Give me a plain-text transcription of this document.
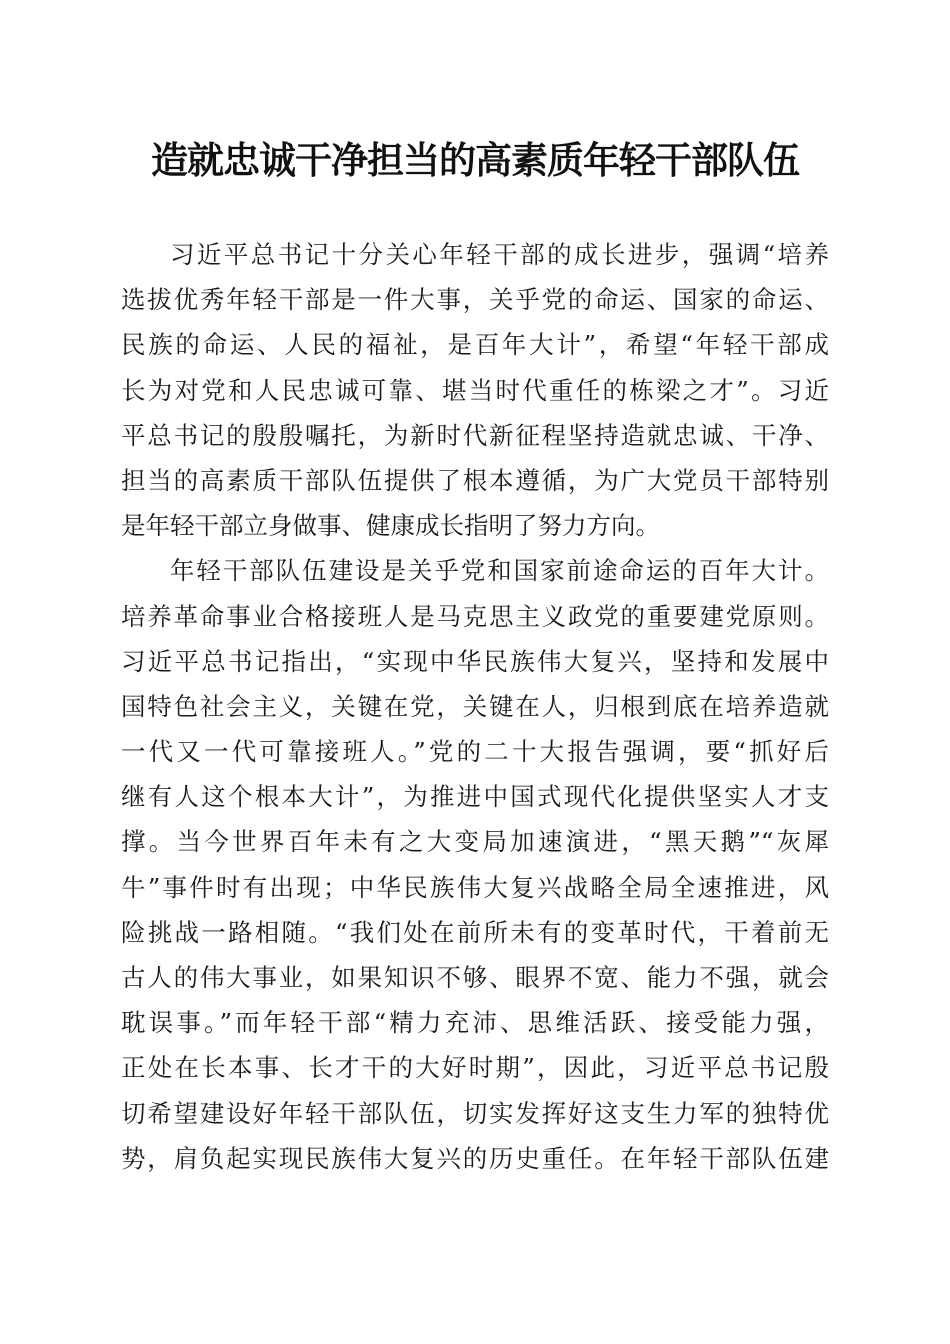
造就忠诚干净担当的高素质年轻干部队伍
习近平总书记十分关心年轻干部的成长进步，强调“培养
选拔优秀年轻干部是一件大事，关乎党的命运、国家的命运、
民族的命运、人民的福祉，是百年大计”，希望“年轻干部成
长为对党和人民忠诚可靠、堪当时代重任的栋梁之才”。习近
平总书记的殷殷嘱托，为新时代新征程坚持造就忠诚、干净、
担当的高素质干部队伍提供了根本遵循，为广大党员干部特别
是年轻干部立身做事、健康成长指明了努力方向。
年轻干部队伍建设是关乎党和国家前途命运的百年大计。
培养革命事业合格接班人是马克思主义政党的重要建党原则。
习近平总书记指出，“实现中华民族伟大复兴，坚持和发展中
国特色社会主义，关键在党，关键在人，归根到底在培养造就
一代又一代可靠接班人。”党的二十大报告强调，要“抓好后
继有人这个根本大计”，为推进中国式现代化提供坚实人才支
撑。当今世界百年未有之大变局加速演进，“黑天鹅”“灰犀
牛”事件时有出现；中华民族伟大复兴战略全局全速推进，风
险挑战一路相随。“我们处在前所未有的变革时代，干着前无
古人的伟大事业，如果知识不够、眼界不宽、能力不强，就会
耽误事。”而年轻干部“精力充沛、思维活跃、接受能力强，
正处在长本事、长才干的大好时期”，因此，习近平总书记殷
切希望建设好年轻干部队伍，切实发挥好这支生力军的独特优
势，肩负起实现民族伟大复兴的历史重任。在年轻干部队伍建
